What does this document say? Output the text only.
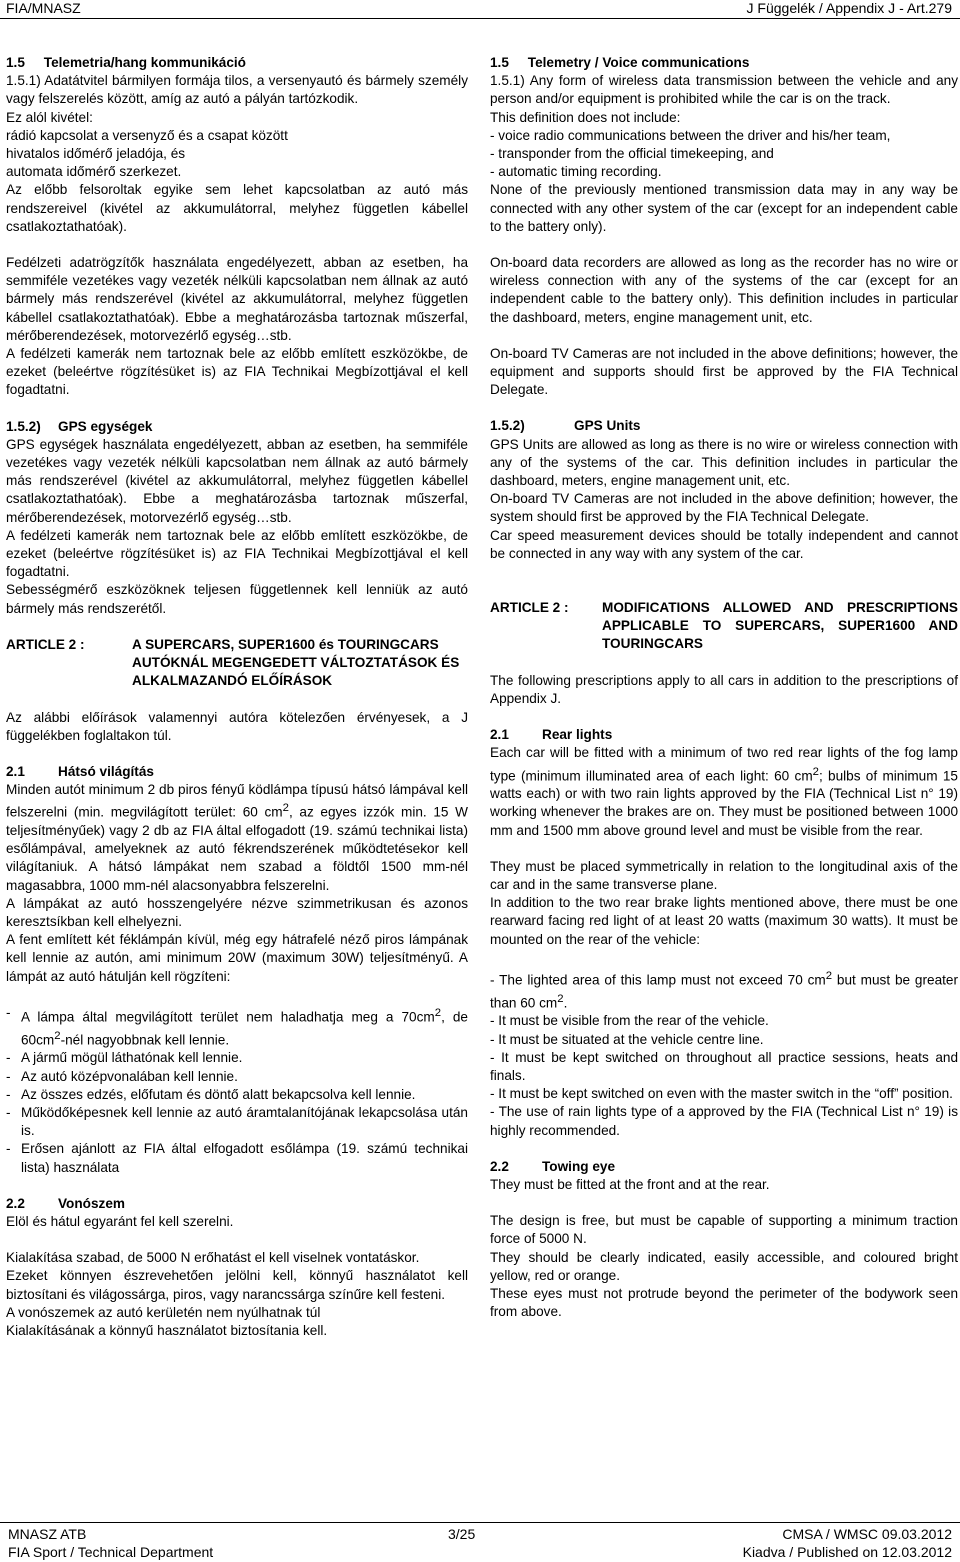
FIA/MNASZ	J Függelék / Appendix J - Art.279

1.5     Telemetria/hang kommunikáció

1.5.1) Adatátvitel bármilyen formája tilos, a versenyautó és bármely személy vagy felszerelés között, amíg az autó a pályán tartózkodik.

Ez alól kivétel:

rádió kapcsolat a versenyző és a csapat között

hivatalos időmérő jeladója, és

automata időmérő szerkezet.

Az előbb felsoroltak egyike sem lehet kapcsolatban az autó más rendszereivel (kivétel az akkumulátorral, melyhez független kábellel csatlakoztathatóak).

Fedélzeti adatrögzítők használata engedélyezett, abban az esetben, ha semmiféle vezetékes vagy vezeték nélküli kapcsolatban nem állnak az autó bármely más rendszerével (kivétel az akkumulátorral, melyhez független kábellel csatlakoztathatóak). Ebbe a meghatározásba tartoznak műszerfal, mérőberendezések, motorvezérlő egység…stb.

A fedélzeti kamerák nem tartoznak bele az előbb említett eszközökbe, de ezeket (beleértve rögzítésüket is) az FIA Technikai Megbízottjával el kell fogadtatni.

1.5.2) GPS egységek

GPS egységek használata engedélyezett, abban az esetben, ha semmiféle vezetékes vagy vezeték nélküli kapcsolatban nem állnak az autó bármely más rendszerével (kivétel az akkumulátorral, melyhez független kábellel csatlakoztathatóak). Ebbe a meghatározásba tartoznak műszerfal, mérőberendezések, motorvezérlő egység…stb.

A fedélzeti kamerák nem tartoznak bele az előbb említett eszközökbe, de ezeket (beleértve rögzítésüket is) az FIA Technikai Megbízottjával el kell fogadtatni.

Sebességmérő eszközöknek teljesen függetlennek kell lenniük az autó bármely más rendszerétől.

ARTICLE 2 :	A SUPERCARS, SUPER1600 és TOURINGCARS AUTÓKNÁL MEGENGEDETT VÁLTOZTATÁSOK ÉS ALKALMAZANDÓ ELŐÍRÁSOK

Az alábbi előírások valamennyi autóra kötelezően érvényesek, a J függelékben foglaltakon túl.

2.1 Hátsó világítás

Minden autót minimum 2 db piros fényű ködlámpa típusú hátsó lámpával kell felszerelni (min. megvilágított terület: 60 $cm^2$, az egyes izzók min. 15 W teljesítményűek) vagy 2 db az FIA által elfogadott (19. számú technikai lista) esőlámpával, amelyeknek az autó fékrendszerének működtetésekor kell világítaniuk. A hátsó lámpákat nem szabad a földtől 1500 mm-nél magasabbra, 1000 mm-nél alacsonyabbra felszerelni.

A lámpákat az autó hosszengelyére nézve szimmetrikusan és azonos keresztsíkban kell elhelyezni.

A fent említett két féklámpán kívül, még egy hátrafelé néző piros lámpának kell lennie az autón, ami minimum 20W (maximum 30W) teljesítményű. A lámpát az autó hátulján kell rögzíteni:

- A lámpa által megvilágított terület nem haladhatja meg a $70cm^2$, de $60cm^2$-nél nagyobbnak kell lennie.
- A jármű mögül láthatónak kell lennie.
- Az autó középvonalában kell lennie.
- Az összes edzés, előfutam és döntő alatt bekapcsolva kell lennie.
- Működőképesnek kell lennie az autó áramtalanítójának lekapcsolása után is.
- Erősen ajánlott az FIA által elfogadott esőlámpa (19. számú technikai lista) használata

2.2 Vonószem

Elöl és hátul egyaránt fel kell szerelni.

Kialakítása szabad, de 5000 N erőhatást el kell viselnek vontatáskor.

Ezeket könnyen észrevehetően jelölni kell, könnyű használatot kell biztosítani és világossárga, piros, vagy narancssárga színűre kell festeni.

A vonószemek az autó kerületén nem nyúlhatnak túl

Kialakításának a könnyű használatot biztosítania kell.

1.5     Telemetry / Voice communications

1.5.1) Any form of wireless data transmission between the vehicle and any person and/or equipment is prohibited while the car is on the track.

This definition does not include:

- voice radio communications between the driver and his/her team,

- transponder from the official timekeeping, and

- automatic timing recording.

None of the previously mentioned transmission data may in any way be connected with any other system of the car (except for an independent cable to the battery only).

On-board data recorders are allowed as long as the recorder has no wire or wireless connection with any of the systems of the car (except for an independent cable to the battery only). This definition includes in particular the dashboard, meters, engine management unit, etc.

On-board TV Cameras are not included in the above definitions; however, the equipment and supports should first be approved by the FIA Technical Delegate.

1.5.2)	GPS Units

GPS Units are allowed as long as there is no wire or wireless connection with any of the systems of the car. This definition includes in particular the dashboard, meters, engine management unit, etc.

On-board TV Cameras are not included in the above definition; however, the system should first be approved by the FIA Technical Delegate.

Car speed measurement devices should be totally independent and cannot be connected in any way with any system of the car.

ARTICLE 2 :	MODIFICATIONS ALLOWED AND PRESCRIPTIONS APPLICABLE TO SUPERCARS, SUPER1600 AND TOURINGCARS

The following prescriptions apply to all cars in addition to the prescriptions of Appendix J.

2.1 Rear lights

Each car will be fitted with a minimum of two red rear lights of the fog lamp type (minimum illuminated area of each light: 60 $cm^2$; bulbs of minimum 15 watts each) or with two rain lights approved by the FIA (Technical List n° 19) working whenever the brakes are on. They must be positioned between 1000 mm and 1500 mm above ground level and must be visible from the rear.

They must be placed symmetrically in relation to the longitudinal axis of the car and in the same transverse plane.

In addition to the two rear brake lights mentioned above, there must be one rearward facing red light of at least 20 watts (maximum 30 watts). It must be mounted on the rear of the vehicle:

- The lighted area of this lamp must not exceed 70 $cm^2$ but must be greater than 60 $cm^2$.

- It must be visible from the rear of the vehicle.

- It must be situated at the vehicle centre line.

- It must be kept switched on throughout all practice sessions, heats and finals.

- It must be kept switched on even with the master switch in the “off” position.

- The use of rain lights type of a approved by the FIA (Technical List n° 19) is highly recommended.

2.2 Towing eye

They must be fitted at the front and at the rear.

The design is free, but must be capable of supporting a minimum traction force of 5000 N.

They should be clearly indicated, easily accessible, and coloured bright yellow, red or orange.

These eyes must not protrude beyond the perimeter of the bodywork seen from above.

MNASZ ATB
FIA Sport / Technical Department
3/25	CMSA / WMSC 09.03.2012
Kiadva / Published on 12.03.2012
